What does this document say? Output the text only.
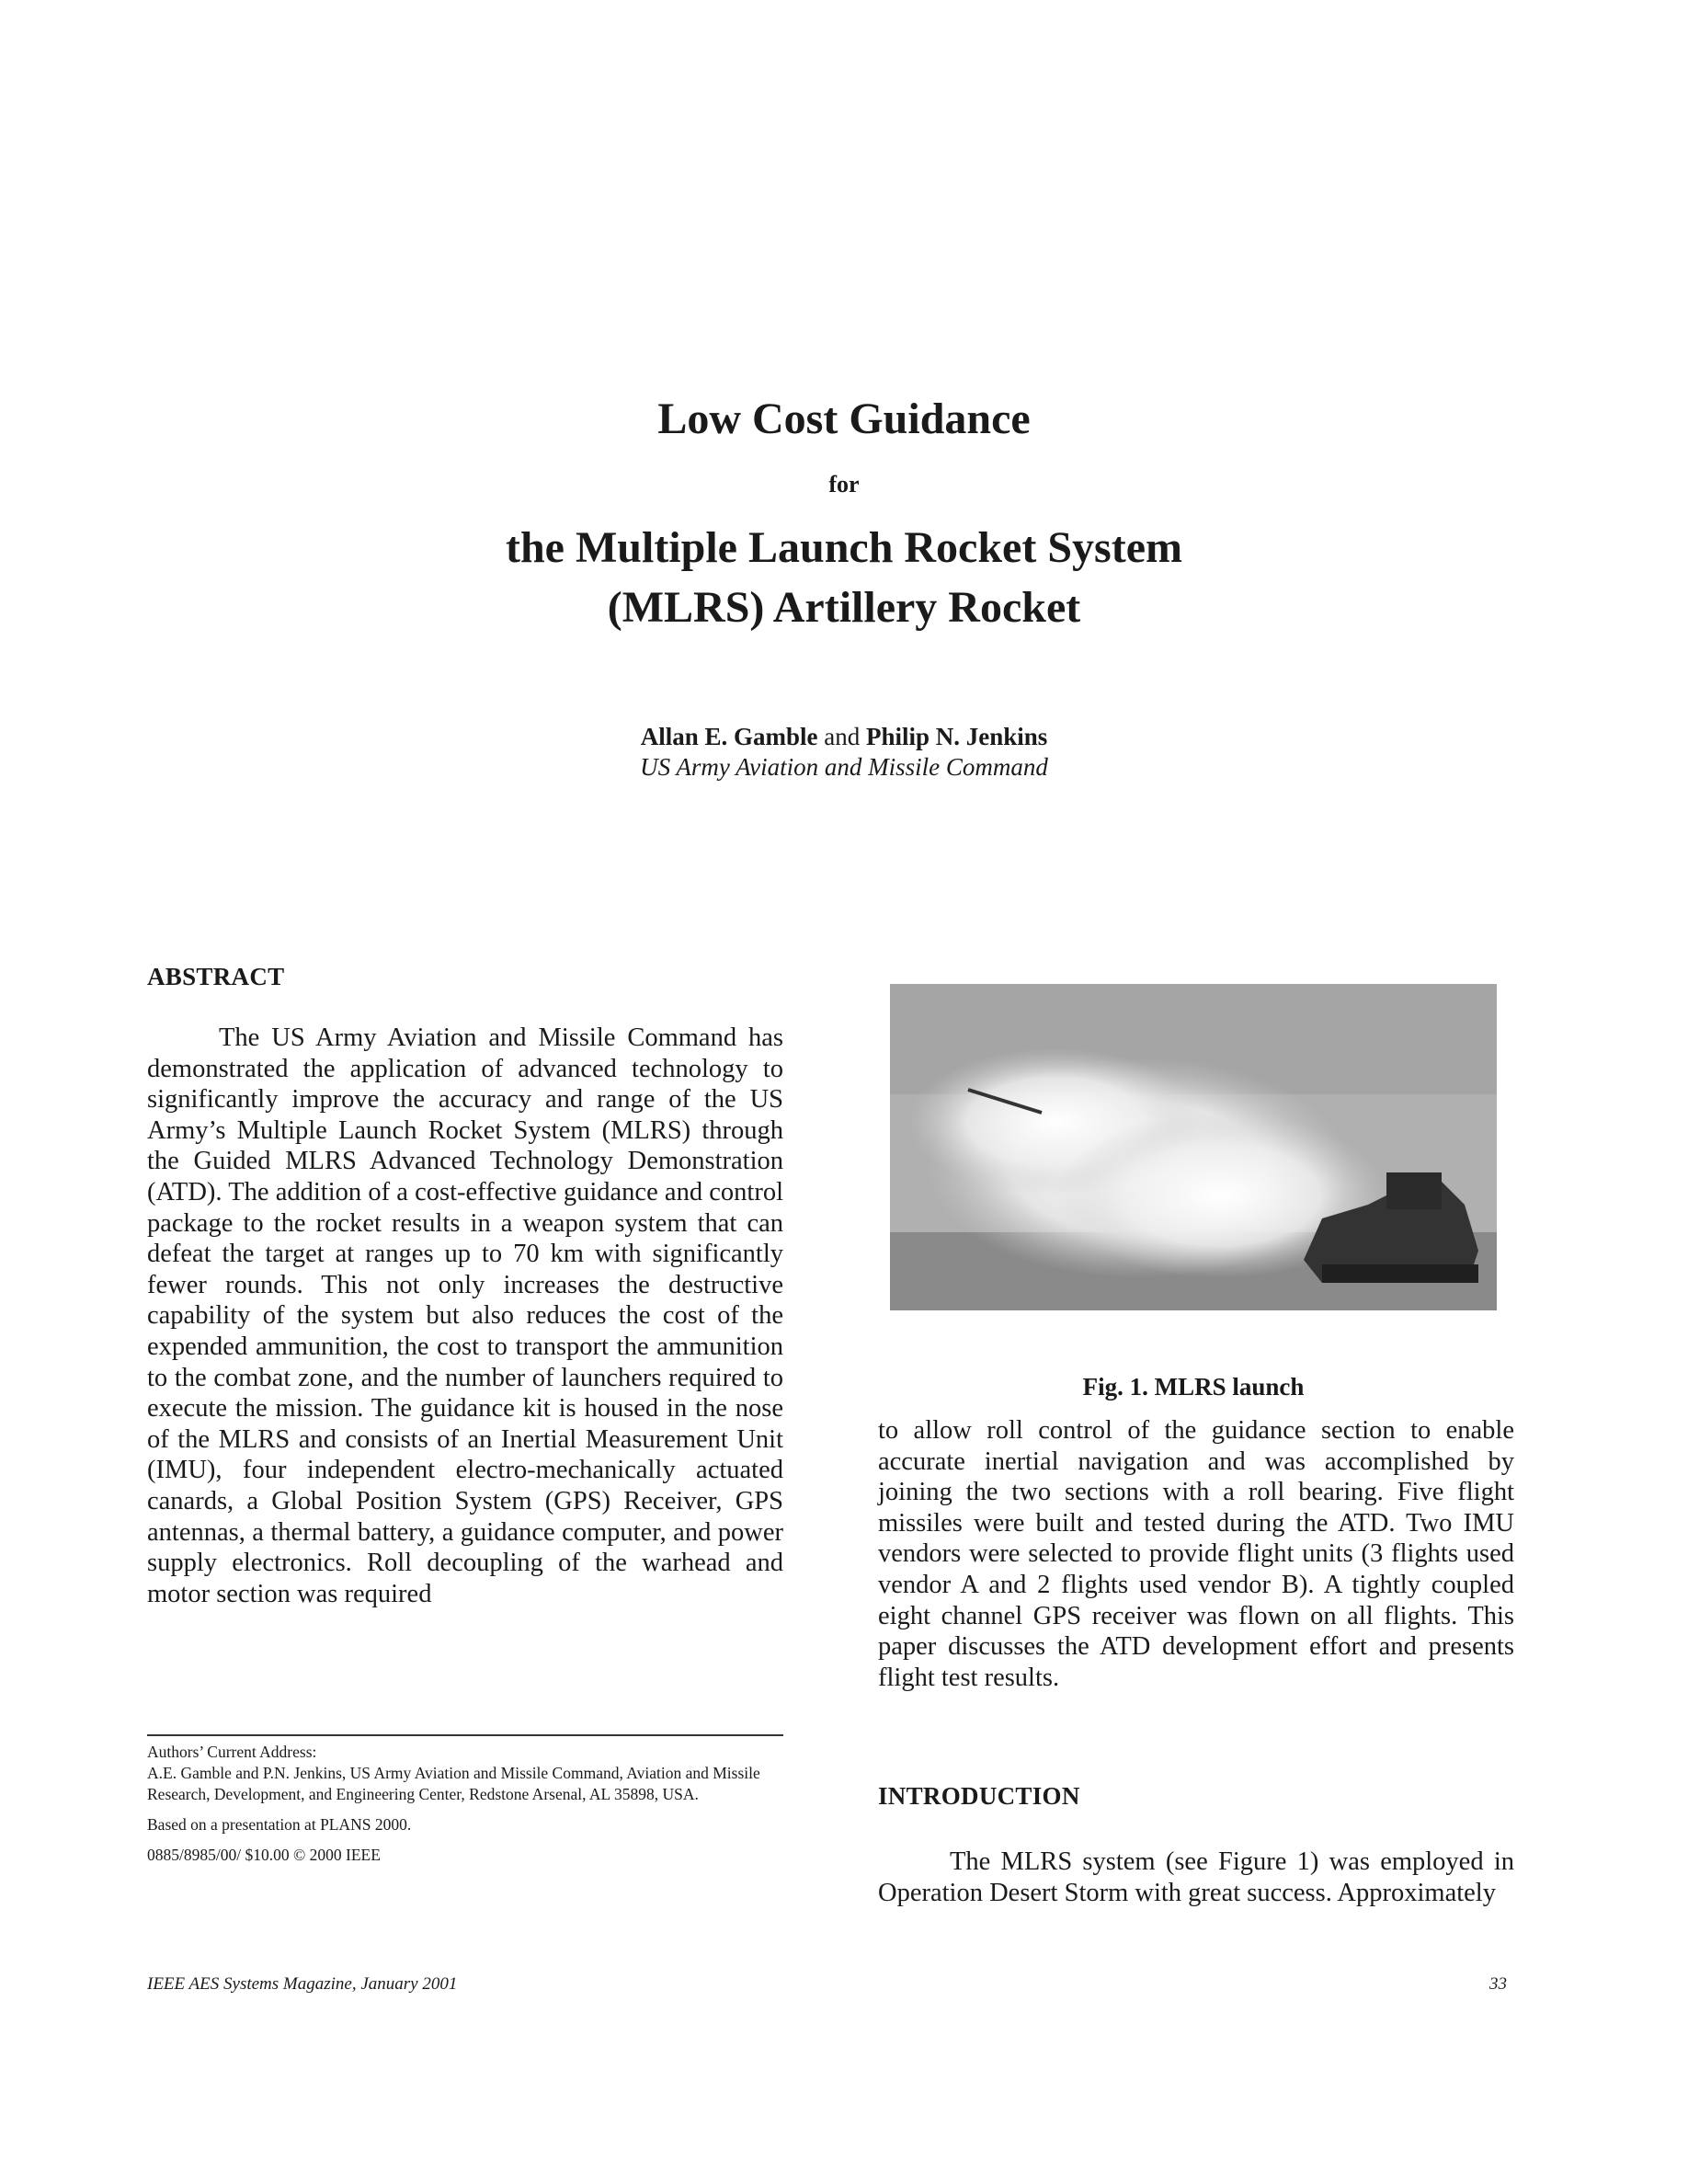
Low Cost Guidance
for
the Multiple Launch Rocket System
(MLRS) Artillery Rocket
Allan E. Gamble and Philip N. Jenkins
US Army Aviation and Missile Command
ABSTRACT

The US Army Aviation and Missile Command has demonstrated the application of advanced technology to significantly improve the accuracy and range of the US Army’s Multiple Launch Rocket System (MLRS) through the Guided MLRS Advanced Technology Demonstration (ATD). The addition of a cost-effective guidance and control package to the rocket results in a weapon system that can defeat the target at ranges up to 70 km with significantly fewer rounds. This not only increases the destructive capability of the system but also reduces the cost of the expended ammunition, the cost to transport the ammunition to the combat zone, and the number of launchers required to execute the mission. The guidance kit is housed in the nose of the MLRS and consists of an Inertial Measurement Unit (IMU), four independent electro-mechanically actuated canards, a Global Position System (GPS) Receiver, GPS antennas, a thermal battery, a guidance computer, and power supply electronics. Roll decoupling of the warhead and motor section was required

Authors’ Current Address:

A.E. Gamble and P.N. Jenkins, US Army Aviation and Missile Command, Aviation and Missile Research, Development, and Engineering Center, Redstone Arsenal, AL 35898, USA.

Based on a presentation at PLANS 2000.

0885/8985/00/ $10.00 © 2000 IEEE

Fig. 1. MLRS launch

to allow roll control of the guidance section to enable accurate inertial navigation and was accomplished by joining the two sections with a roll bearing. Five flight missiles were built and tested during the ATD. Two IMU vendors were selected to provide flight units (3 flights used vendor A and 2 flights used vendor B). A tightly coupled eight channel GPS receiver was flown on all flights. This paper discusses the ATD development effort and presents flight test results.

INTRODUCTION

The MLRS system (see Figure 1) was employed in Operation Desert Storm with great success. Approximately

IEEE AES Systems Magazine, January 2001	33
